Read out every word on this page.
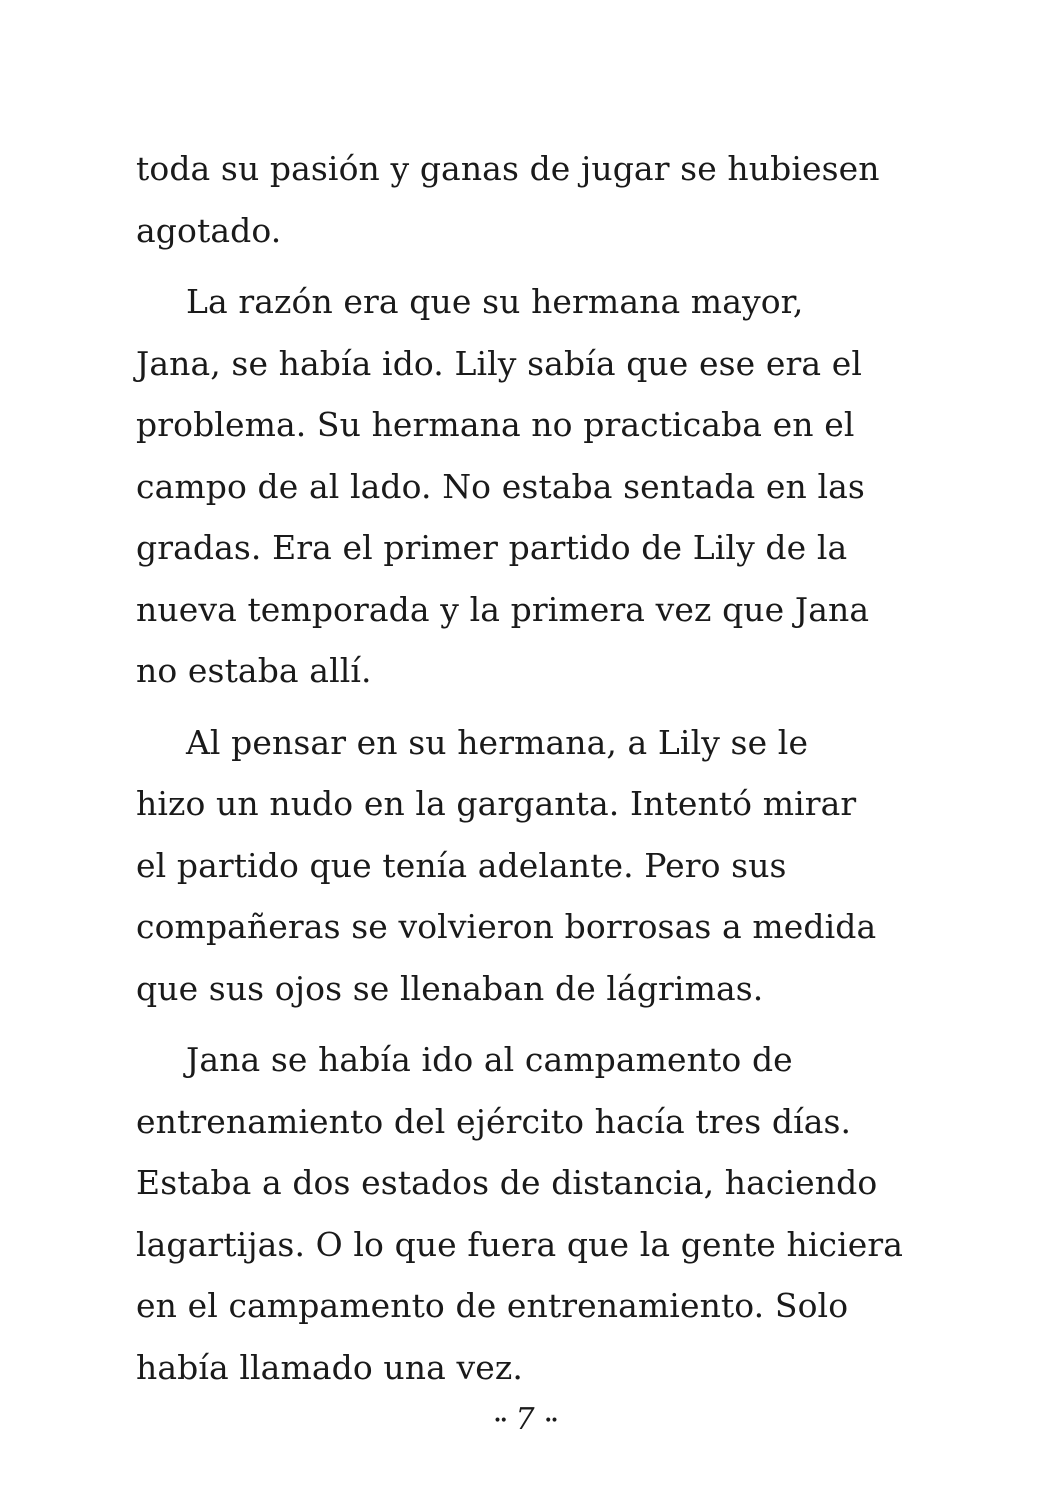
toda su pasión y ganas de jugar se hubiesen
agotado.

La razón era que su hermana mayor,
Jana, se había ido. Lily sabía que ese era el
problema. Su hermana no practicaba en el
campo de al lado. No estaba sentada en las
gradas. Era el primer partido de Lily de la
nueva temporada y la primera vez que Jana
no estaba allí.

Al pensar en su hermana, a Lily se le
hizo un nudo en la garganta. Intentó mirar
el partido que tenía adelante. Pero sus
compañeras se volvieron borrosas a medida
que sus ojos se llenaban de lágrimas.

Jana se había ido al campamento de
entrenamiento del ejército hacía tres días.
Estaba a dos estados de distancia, haciendo
lagartijas. O lo que fuera que la gente hiciera
en el campamento de entrenamiento. Solo
había llamado una vez.

•• 7 ••
